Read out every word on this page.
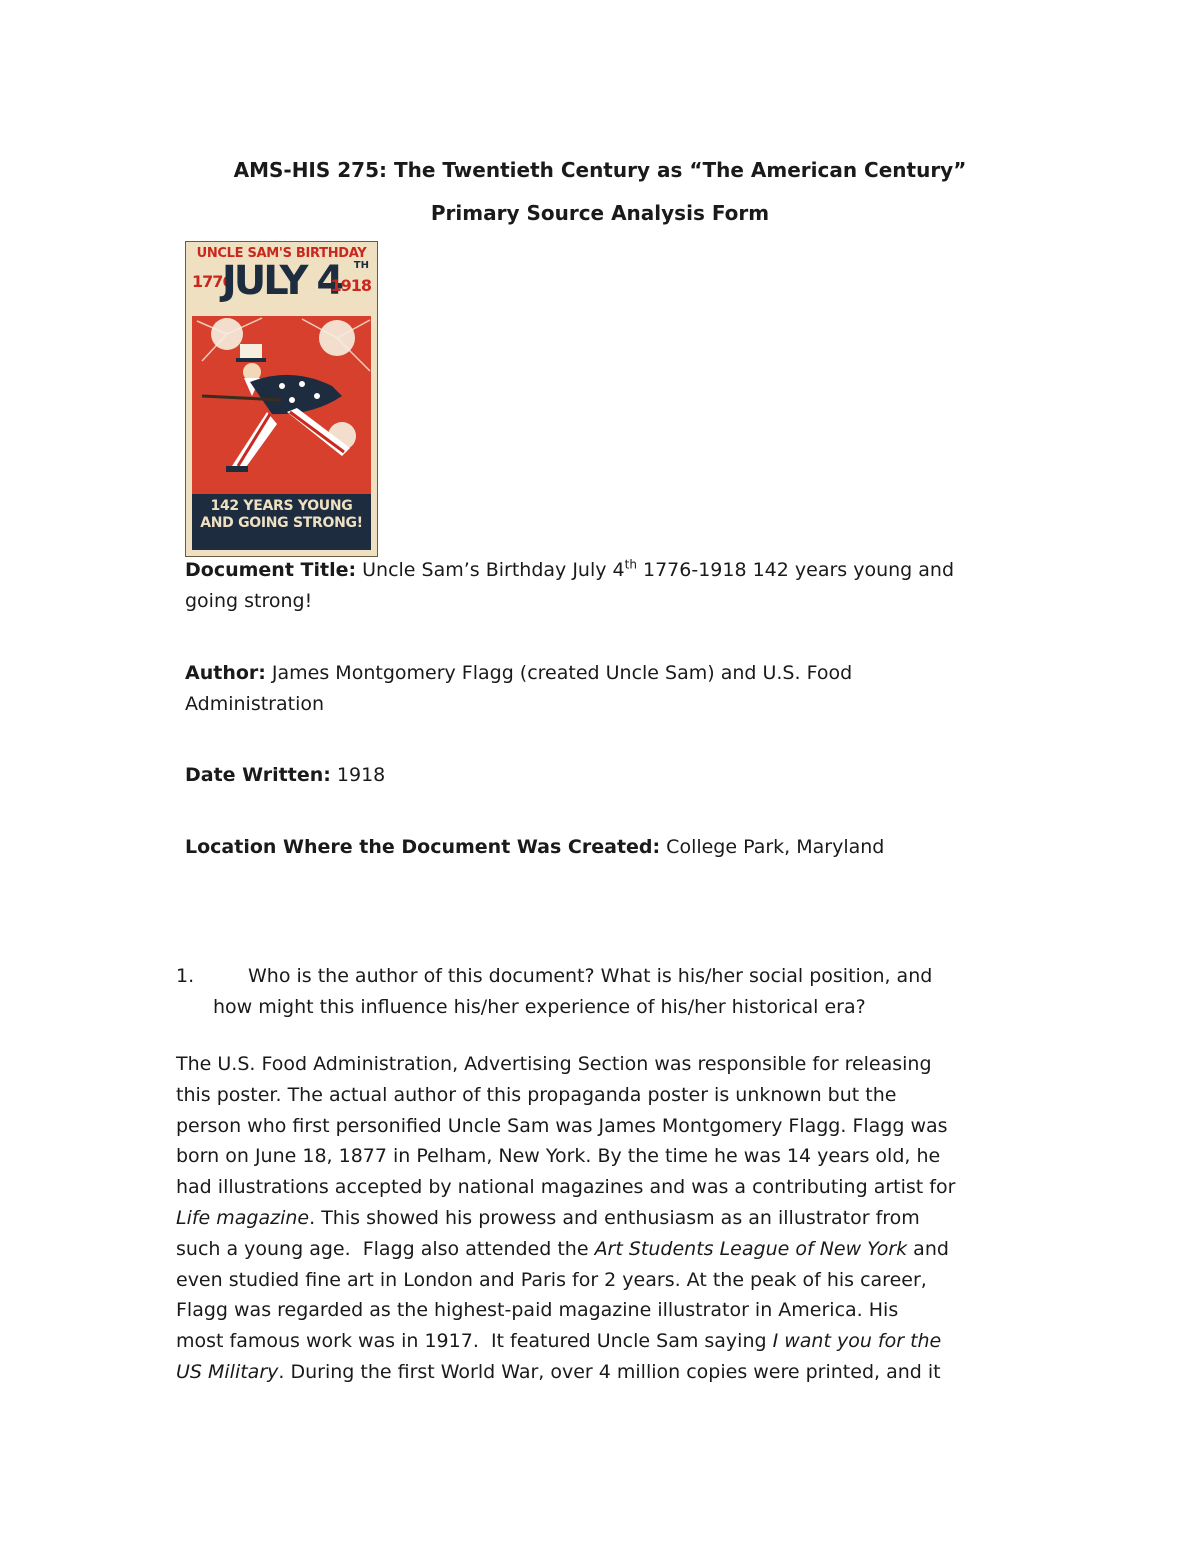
AMS-HIS 275: The Twentieth Century as “The American Century”
Primary Source Analysis Form
UNCLE SAM'S BIRTHDAY
1776
JULY 4	TH
1918
142 YEARS YOUNG
AND GOING STRONG!
Document Title: Uncle Sam’s Birthday July 4th 1776-1918 142 years young and
going strong!
Author: James Montgomery Flagg (created Uncle Sam) and U.S. Food
Administration
Date Written: 1918
Location Where the Document Was Created: College Park, Maryland
1.	Who is the author of this document? What is his/her social position, and
how might this influence his/her experience of his/her historical era?
The U.S. Food Administration, Advertising Section was responsible for releasing
this poster. The actual author of this propaganda poster is unknown but the
person who first personified Uncle Sam was James Montgomery Flagg. Flagg was
born on June 18, 1877 in Pelham, New York. By the time he was 14 years old, he
had illustrations accepted by national magazines and was a contributing artist for
Life magazine. This showed his prowess and enthusiasm as an illustrator from
such a young age.  Flagg also attended the Art Students League of New York and
even studied fine art in London and Paris for 2 years. At the peak of his career,
Flagg was regarded as the highest-paid magazine illustrator in America. His
most famous work was in 1917.  It featured Uncle Sam saying I want you for the
US Military. During the first World War, over 4 million copies were printed, and it
